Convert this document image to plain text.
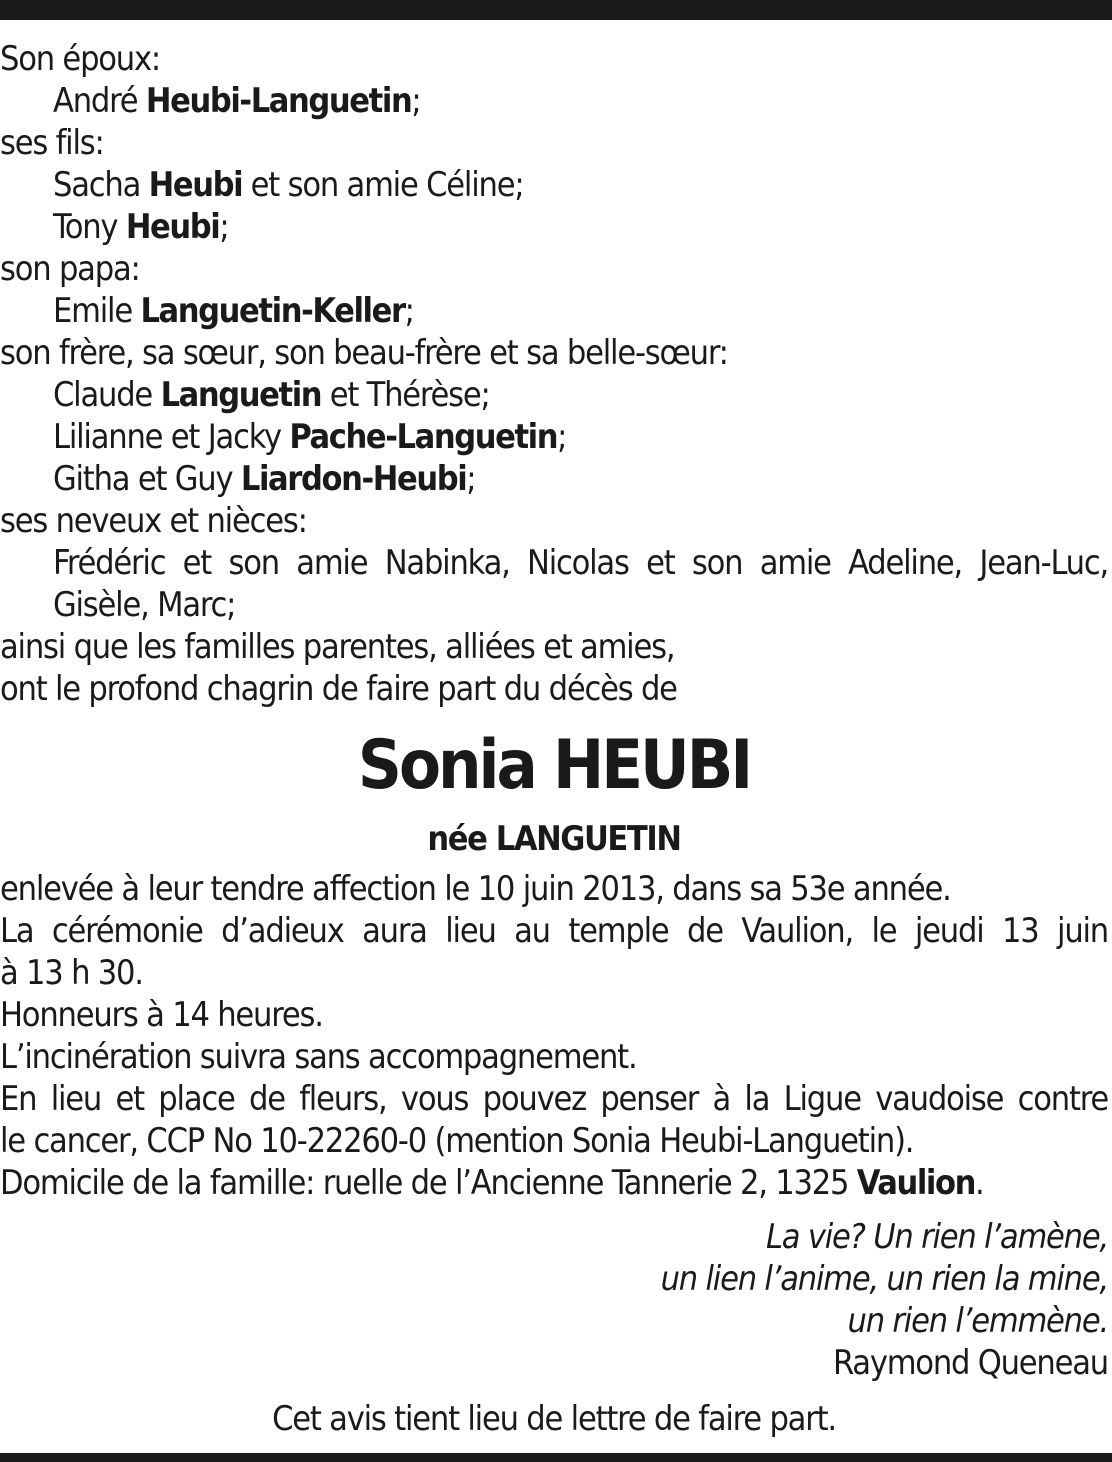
Son époux:
André Heubi-Languetin;
ses fils:
Sacha Heubi et son amie Céline;
Tony Heubi;
son papa:
Emile Languetin-Keller;
son frère, sa sœur, son beau-frère et sa belle-sœur:
Claude Languetin et Thérèse;
Lilianne et Jacky Pache-Languetin;
Githa et Guy Liardon-Heubi;
ses neveux et nièces:
Frédéric et son amie Nabinka, Nicolas et son amie Adeline, Jean-Luc,
Gisèle, Marc;
ainsi que les familles parentes, alliées et amies,
ont le profond chagrin de faire part du décès de
Sonia HEUBI
née LANGUETIN
enlevée à leur tendre affection le 10 juin 2013, dans sa 53e année.
La cérémonie d’adieux aura lieu au temple de Vaulion, le jeudi 13 juin
à 13 h 30.
Honneurs à 14 heures.
L’incinération suivra sans accompagnement.
En lieu et place de fleurs, vous pouvez penser à la Ligue vaudoise contre
le cancer, CCP No 10-22260-0 (mention Sonia Heubi-Languetin).
Domicile de la famille: ruelle de l’Ancienne Tannerie 2, 1325 Vaulion.
La vie? Un rien l’amène,
un lien l’anime, un rien la mine,
un rien l’emmène.
Raymond Queneau
Cet avis tient lieu de lettre de faire part.
